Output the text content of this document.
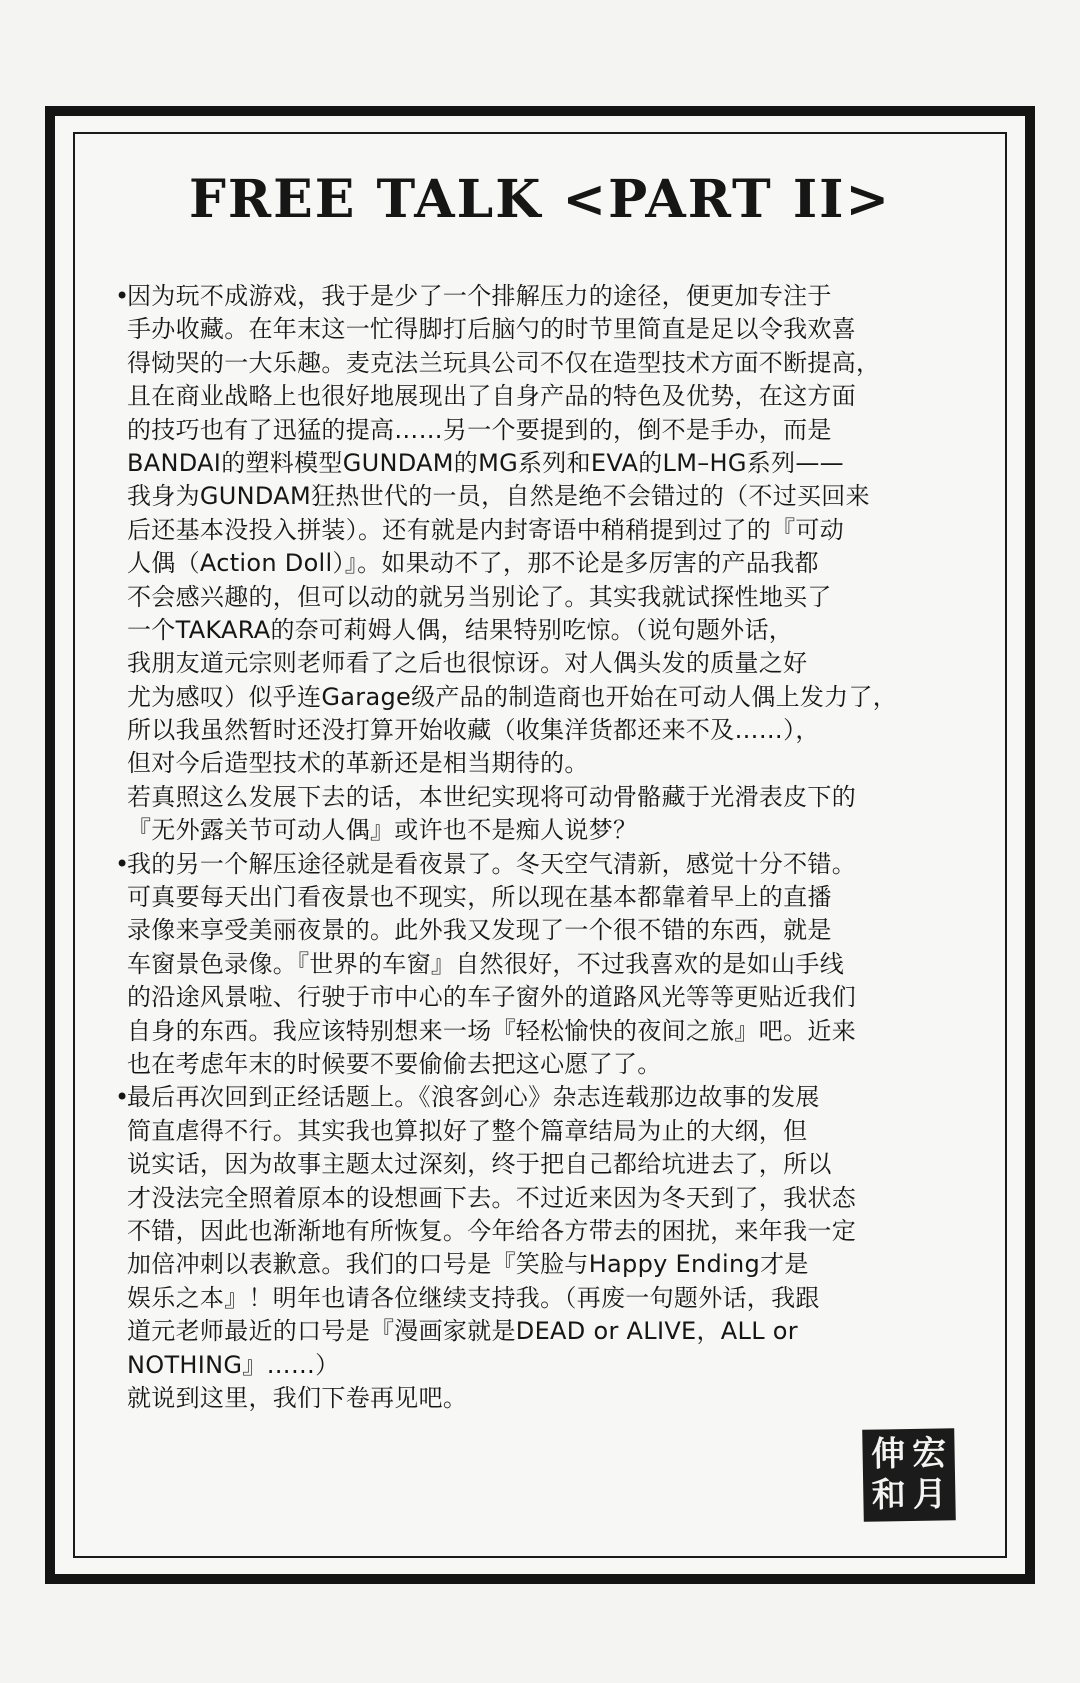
FREE TALK <PART II>
•因为玩不成游戏，我于是少了一个排解压力的途径，便更加专注于
手办收藏。在年末这一忙得脚打后脑勺的时节里简直是足以令我欢喜
得恸哭的一大乐趣。麦克法兰玩具公司不仅在造型技术方面不断提高，
且在商业战略上也很好地展现出了自身产品的特色及优势，在这方面
的技巧也有了迅猛的提高……另一个要提到的，倒不是手办，而是
BANDAI的塑料模型GUNDAM的MG系列和EVA的LM–HG系列——
我身为GUNDAM狂热世代的一员，自然是绝不会错过的（不过买回来
后还基本没投入拼装）。还有就是内封寄语中稍稍提到过了的『可动
人偶（Action Doll）』。如果动不了，那不论是多厉害的产品我都
不会感兴趣的，但可以动的就另当别论了。其实我就试探性地买了
一个TAKARA的奈可莉姆人偶，结果特别吃惊。（说句题外话，
我朋友道元宗则老师看了之后也很惊讶。对人偶头发的质量之好
尤为感叹）似乎连Garage级产品的制造商也开始在可动人偶上发力了，
所以我虽然暂时还没打算开始收藏（收集洋货都还来不及……），
但对今后造型技术的革新还是相当期待的。
若真照这么发展下去的话，本世纪实现将可动骨骼藏于光滑表皮下的
『无外露关节可动人偶』或许也不是痴人说梦？
•我的另一个解压途径就是看夜景了。冬天空气清新，感觉十分不错。
可真要每天出门看夜景也不现实，所以现在基本都靠着早上的直播
录像来享受美丽夜景的。此外我又发现了一个很不错的东西，就是
车窗景色录像。『世界的车窗』自然很好，不过我喜欢的是如山手线
的沿途风景啦、行驶于市中心的车子窗外的道路风光等等更贴近我们
自身的东西。我应该特别想来一场『轻松愉快的夜间之旅』吧。近来
也在考虑年末的时候要不要偷偷去把这心愿了了。
•最后再次回到正经话题上。《浪客剑心》杂志连载那边故事的发展
简直虐得不行。其实我也算拟好了整个篇章结局为止的大纲，但
说实话，因为故事主题太过深刻，终于把自己都给坑进去了，所以
才没法完全照着原本的设想画下去。不过近来因为冬天到了，我状态
不错，因此也渐渐地有所恢复。今年给各方带去的困扰，来年我一定
加倍冲刺以表歉意。我们的口号是『笑脸与Happy Ending才是
娱乐之本』！明年也请各位继续支持我。（再废一句题外话，我跟
道元老师最近的口号是『漫画家就是DEAD or ALIVE，ALL or
NOTHING』……）
就说到这里，我们下卷再见吧。
伸 宏
和 月
